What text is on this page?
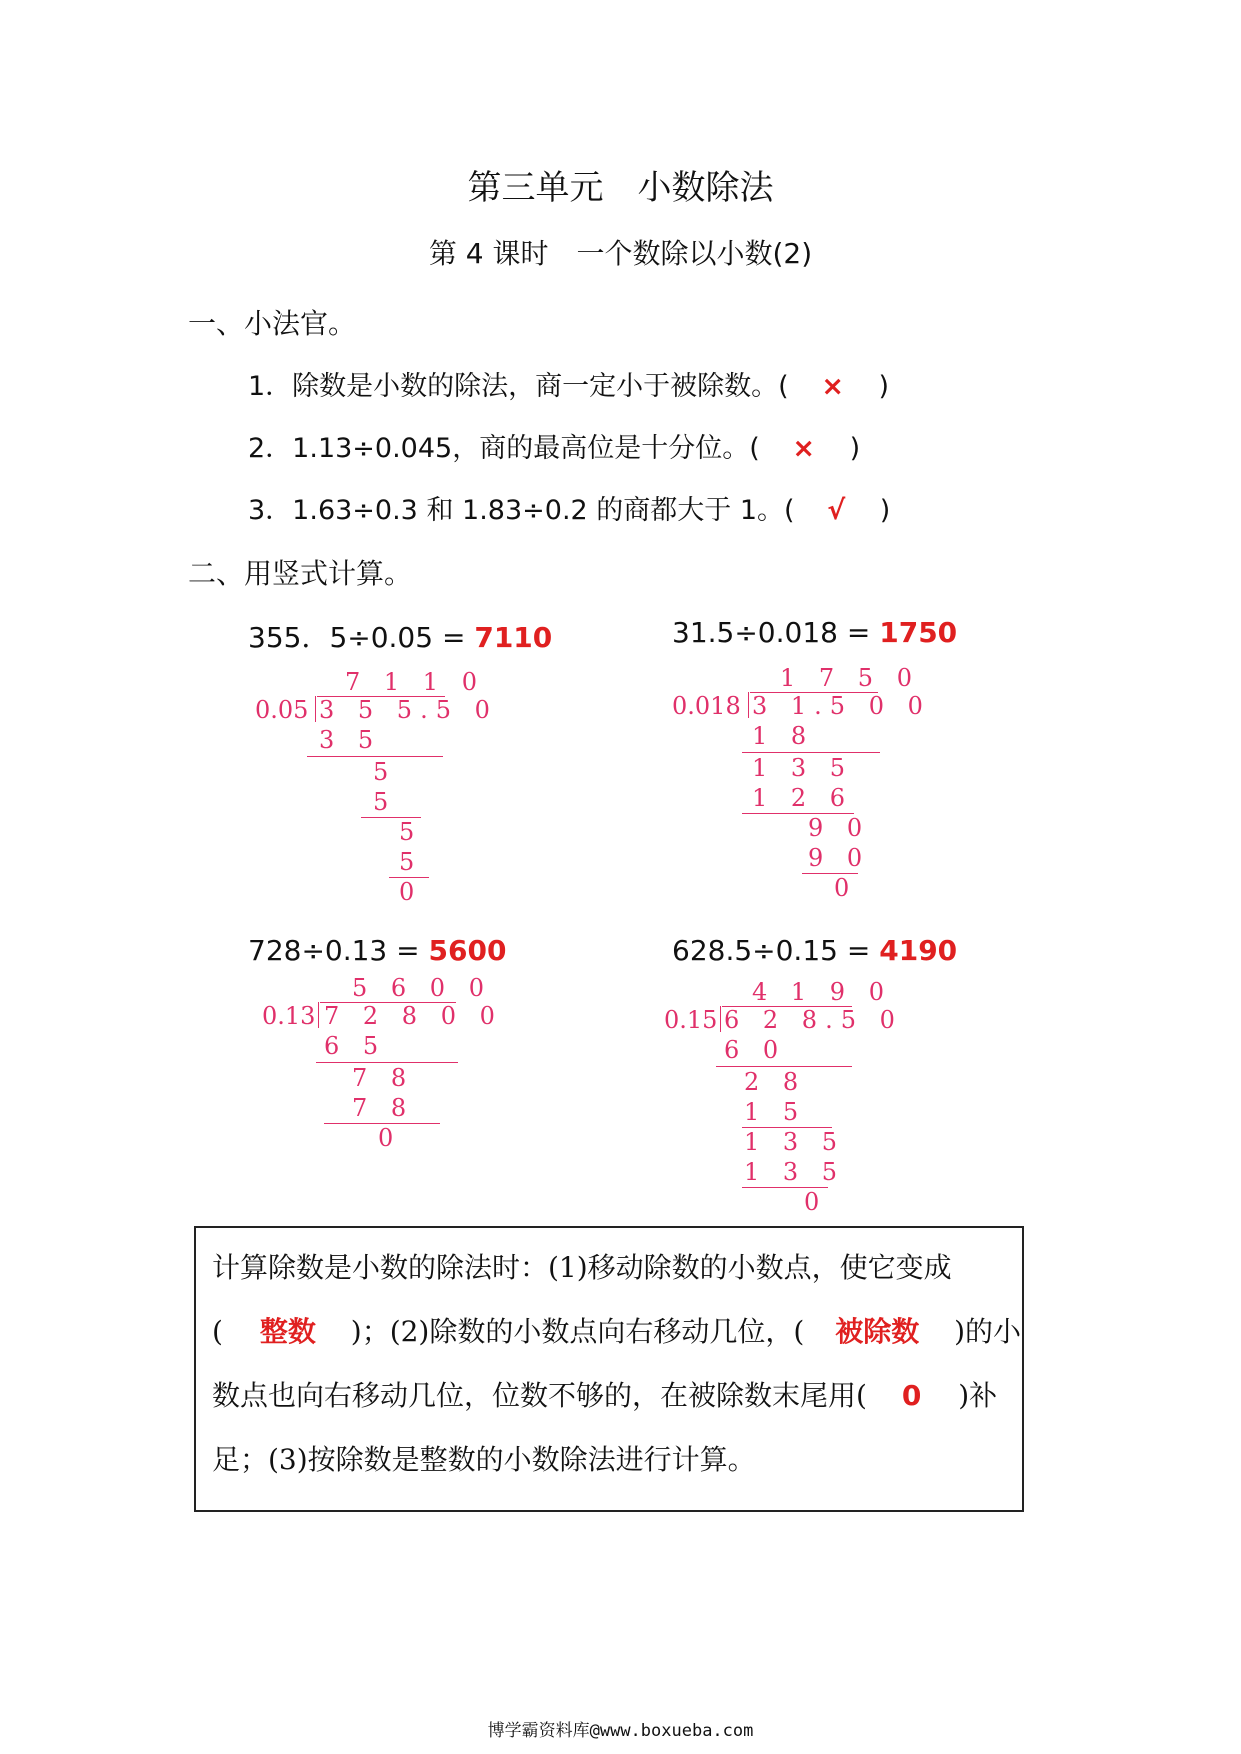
第三单元　小数除法
第 4 课时　一个数除以小数(2)
一、小法官。
1．除数是小数的除法，商一定小于被除数。( × )
2．1.13÷0.045，商的最高位是十分位。( × )
3．1.63÷0.3 和 1.83÷0.2 的商都大于 1。( √ )
二、用竖式计算。
355．5÷0.05 = 7110	31.5÷0.018 = 1750
728÷0.13 = 5600	628.5÷0.15 = 4190
7 1 1 0
0.05 3 5 5.5 0
3 5
5
5
5
5
0
1 7 5 0
0.018 3 1.5 0 0
1 8
1 3 5
1 2 6
9 0
9 0
0
5 6 0 0
0.13 7 2 8 0 0
6 5
7 8
7 8
0
4 1 9 0
0.15 6 2 8.5 0
6 0
2 8
1 5
1 3 5
1 3 5
0
计算除数是小数的除法时：(1)移动除数的小数点，使它变成
( 整数 )；(2)除数的小数点向右移动几位，( 被除数 )的小
数点也向右移动几位，位数不够的，在被除数末尾用( 0 )补
足；(3)按除数是整数的小数除法进行计算。
博学霸资料库@www.boxueba.com
